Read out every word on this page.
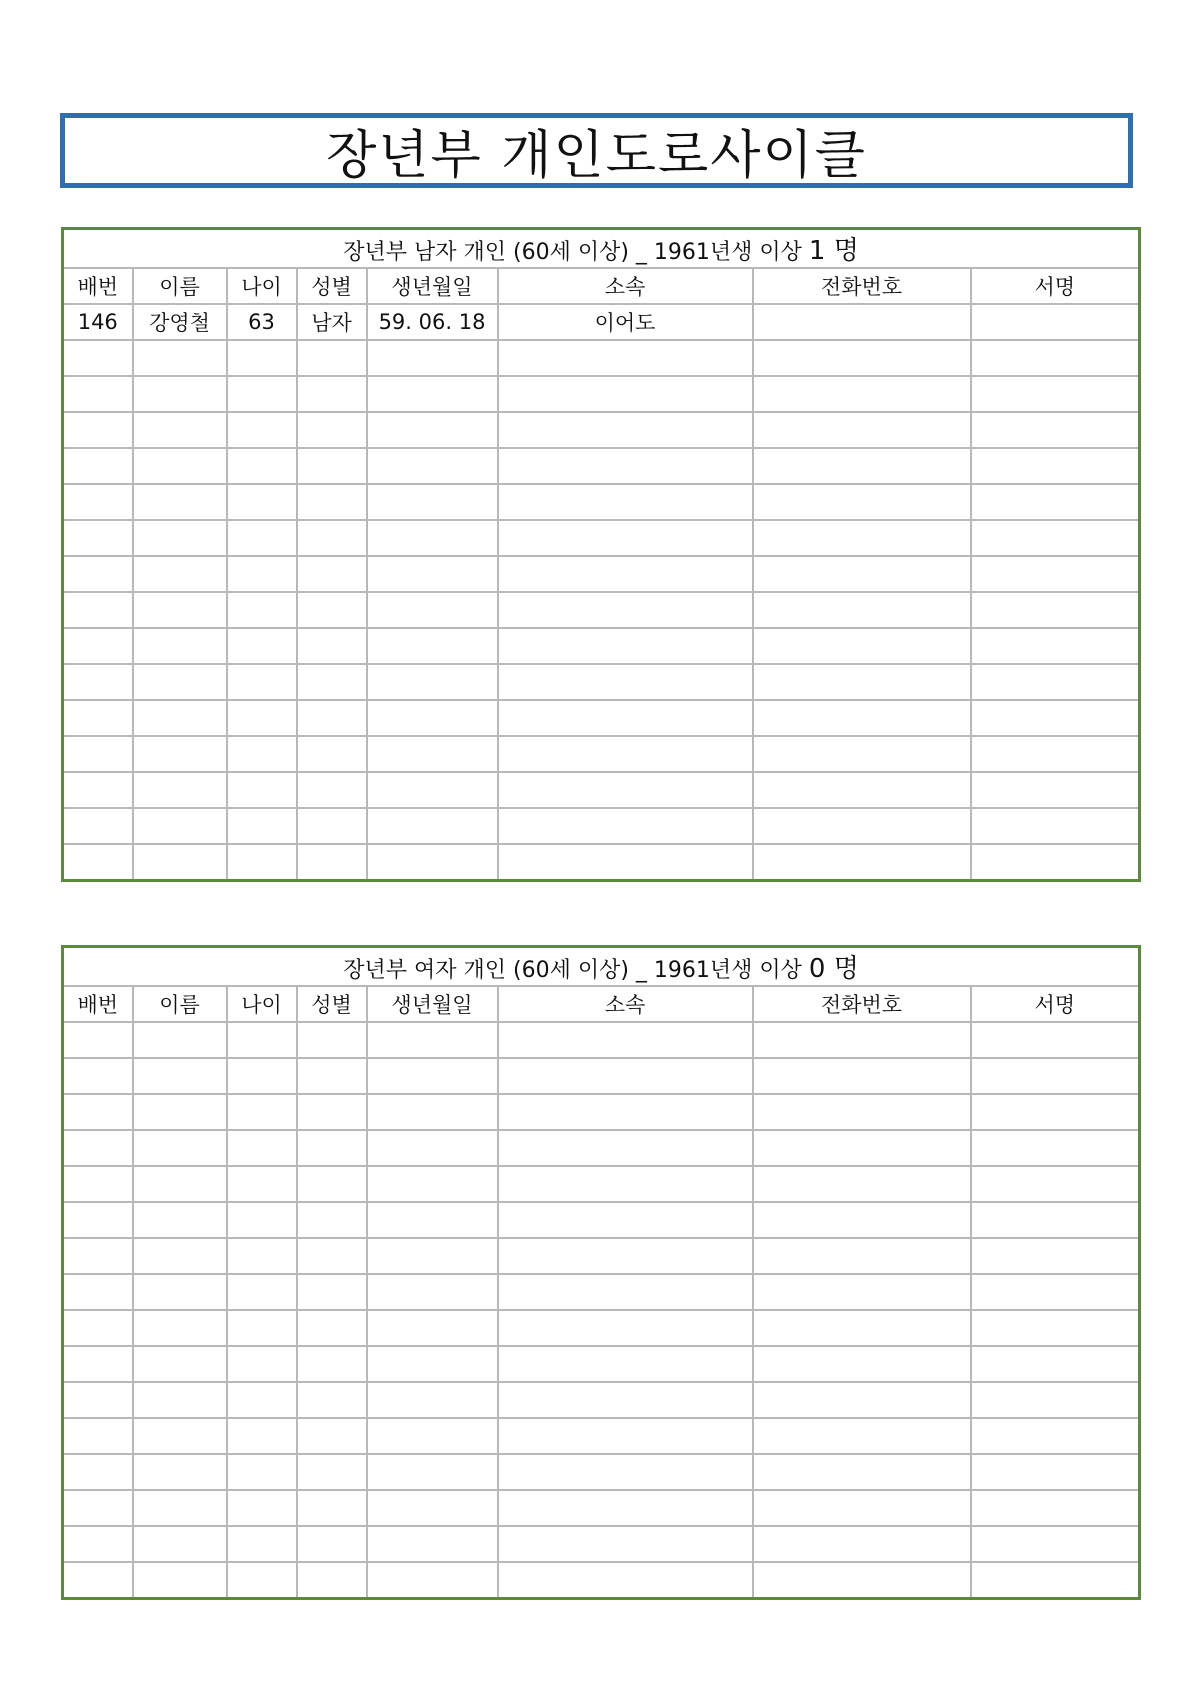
장년부 개인도로사이클
장년부 남자 개인 (60세 이상) _ 1961년생 이상 1 명							
배번	이름	나이	성별	생년월일	소속	전화번호	서명
146	강영철	63	남자	59. 06. 18	이어도		

장년부 여자 개인 (60세 이상) _ 1961년생 이상 0 명							
배번	이름	나이	성별	생년월일	소속	전화번호	서명
